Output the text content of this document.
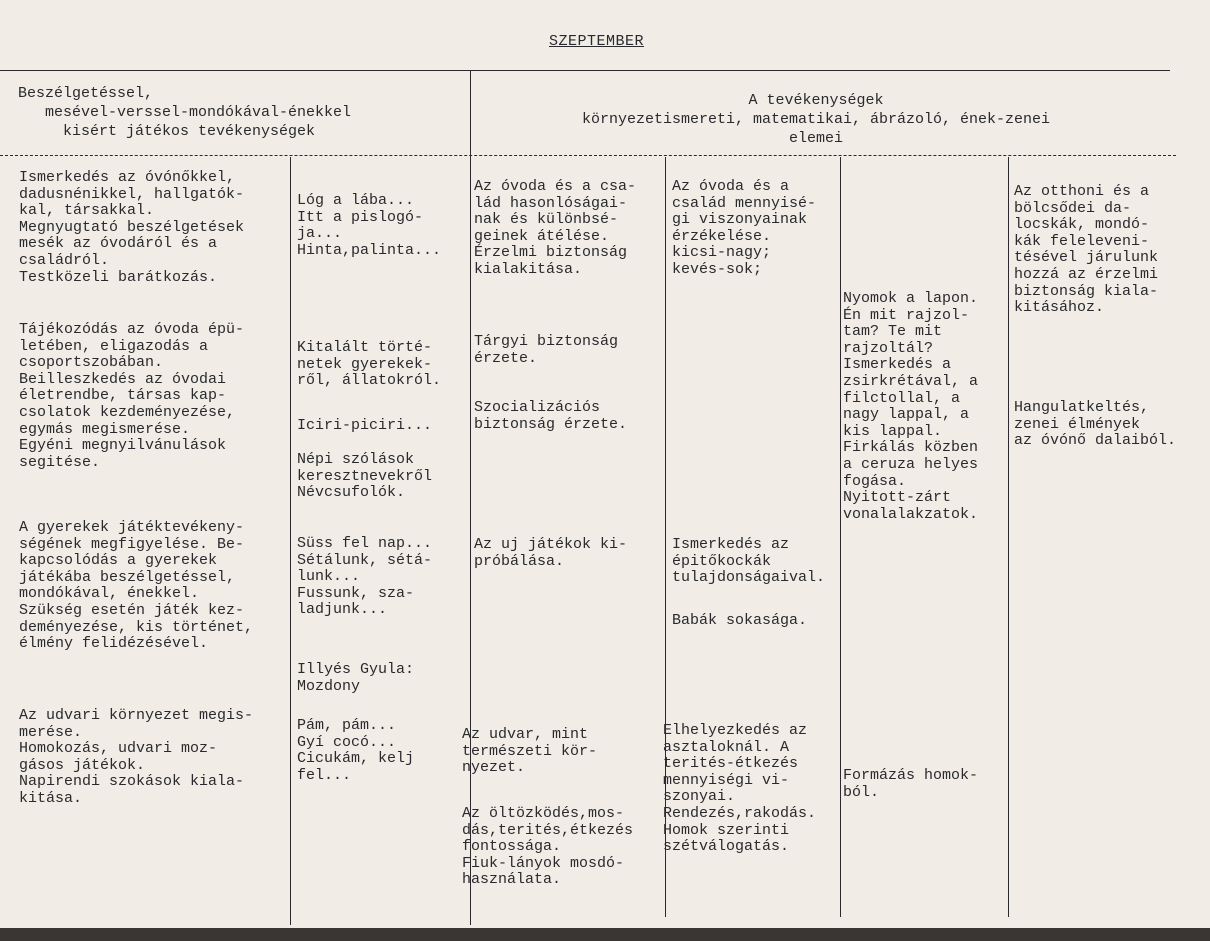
SZEPTEMBER
Beszélgetéssel,
mesével-verssel-mondókával-énekkel
kisért játékos tevékenységek
A tevékenységek
környezetismereti, matematikai, ábrázoló, ének-zenei
elemei
Ismerkedés az óvónőkkel,
dadusnénikkel, hallgatók-
kal, társakkal.
Megnyugtató beszélgetések
mesék az óvodáról és a
családról.
Testközeli barátkozás.
Tájékozódás az óvoda épü-
letében, eligazodás a
csoportszobában.
Beilleszkedés az óvodai
életrendbe, társas kap-
csolatok kezdeményezése,
egymás megismerése.
Egyéni megnyilvánulások
segitése.
A gyerekek játéktevékeny-
ségének megfigyelése. Be-
kapcsolódás a gyerekek
játékába beszélgetéssel,
mondókával, énekkel.
Szükség esetén játék kez-
deményezése, kis történet,
élmény felidézésével.
Az udvari környezet megis-
merése.
Homokozás, udvari moz-
gásos játékok.
Napirendi szokások kiala-
kitása.
Lóg a lába...
Itt a pislogó-
ja...
Hinta,palinta...
Kitalált törté-
netek gyerekek-
ről, állatokról.
Iciri-piciri...
Népi szólások
keresztnevekről
Névcsufolók.
Süss fel nap...
Sétálunk, sétá-
lunk...
Fussunk, sza-
ladjunk...
Illyés Gyula:
Mozdony
Pám, pám...
Gyí cocó...
Cicukám, kelj
fel...
Az óvoda és a csa-
lád hasonlóságai-
nak és különbsé-
geinek átélése.
Érzelmi biztonság
kialakitása.
Tárgyi biztonság
érzete.
Szocializációs
biztonság érzete.
Az uj játékok ki-
próbálása.
Az udvar, mint
természeti kör-
nyezet.
Az öltözködés,mos-
dás,terités,étkezés
fontossága.
Fiuk-lányok mosdó-
használata.
Az óvoda és a
család mennyisé-
gi viszonyainak
érzékelése.
kicsi-nagy;
kevés-sok;
Ismerkedés az
épitőkockák
tulajdonságaival.
Babák sokasága.
Elhelyezkedés az
asztaloknál. A
terités-étkezés
mennyiségi vi-
szonyai.
Rendezés,rakodás.
Homok szerinti
szétválogatás.
Nyomok a lapon.
Én mit rajzol-
tam? Te mit
rajzoltál?
Ismerkedés a
zsirkrétával, a
filctollal, a
nagy lappal, a
kis lappal.
Firkálás közben
a ceruza helyes
fogása.
Nyitott-zárt
vonalalakzatok.
Formázás homok-
ból.
Az otthoni és a
bölcsődei da-
locskák, mondó-
kák feleleveni-
tésével járulunk
hozzá az érzelmi
biztonság kiala-
kitásához.
Hangulatkeltés,
zenei élmények
az óvónő dalaiból.
